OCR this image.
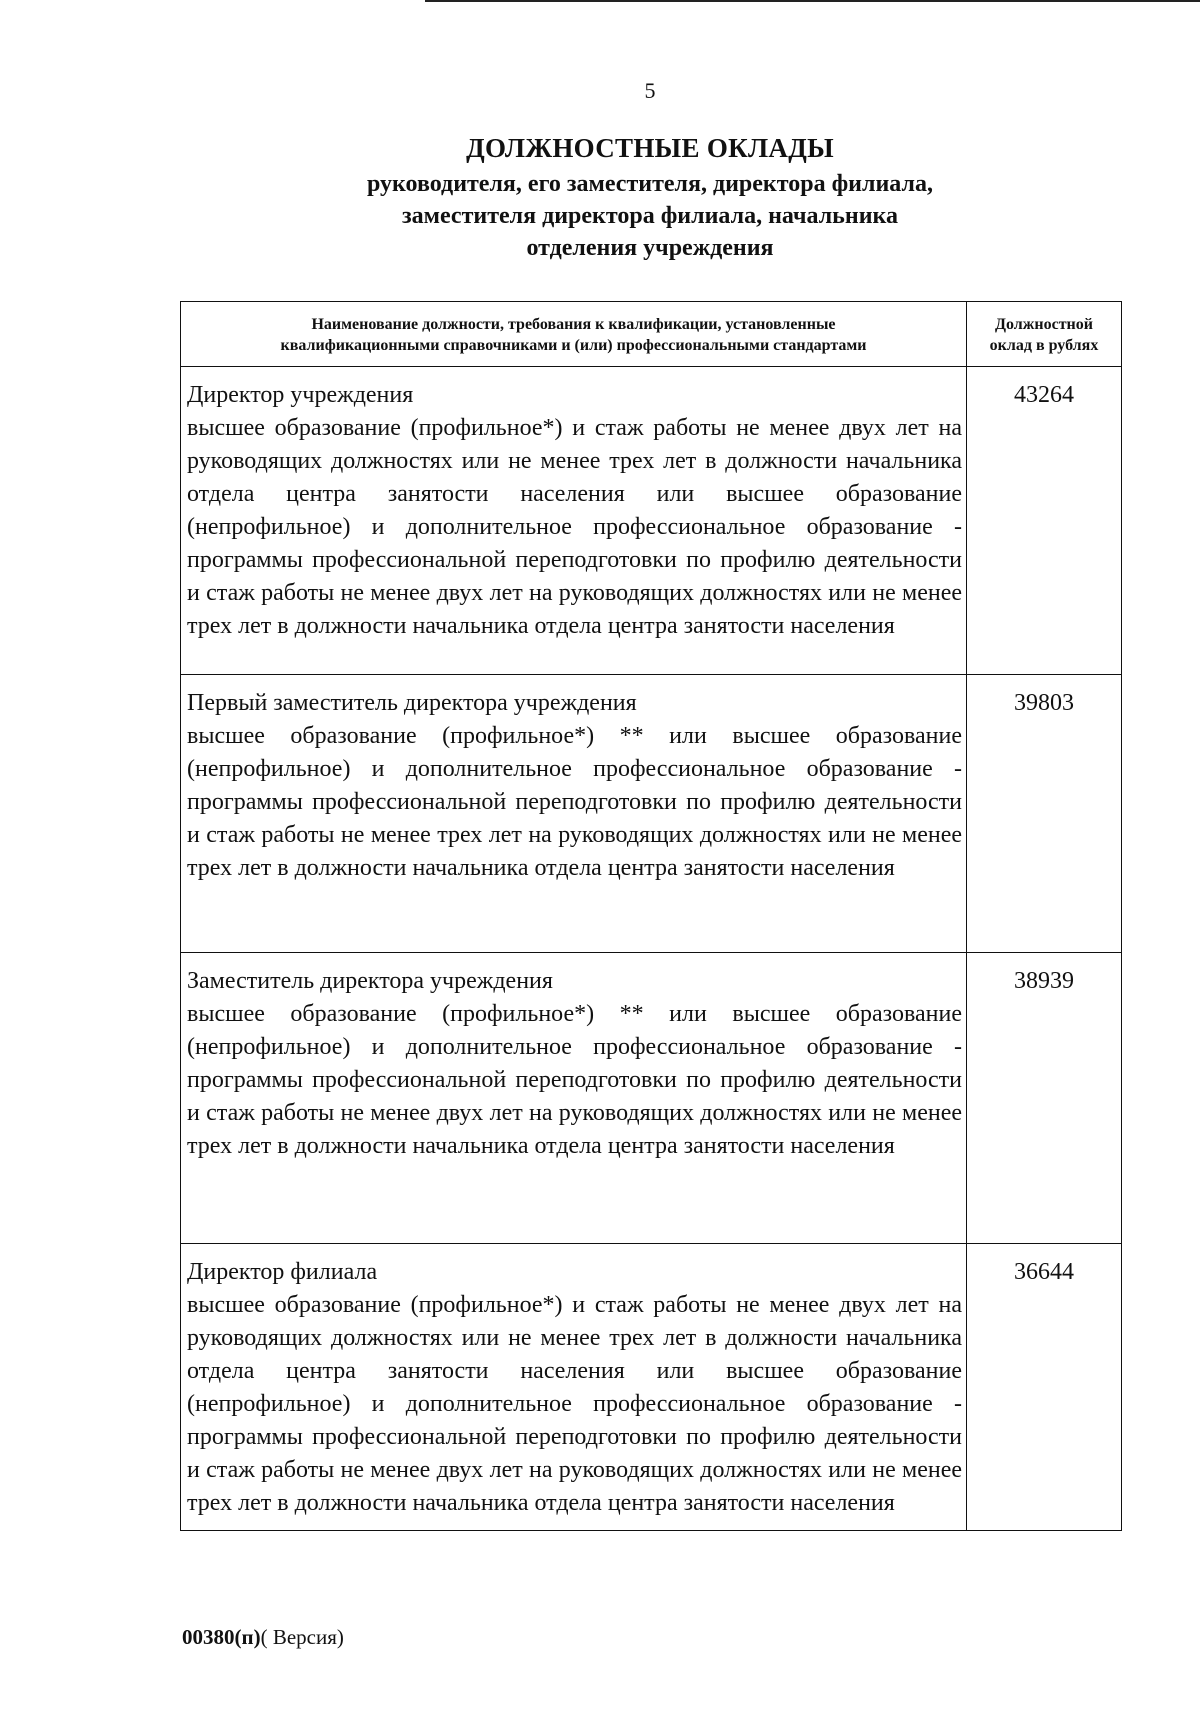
5
ДОЛЖНОСТНЫЕ ОКЛАДЫ
руководителя, его заместителя, директора филиала,
заместителя директора филиала, начальника
отделения учреждения
Наименование должности, требования к квалификации, установленные
квалификационными справочниками и (или) профессиональными стандартами	Должностной
оклад в рублях

Директор учреждения
высшее образование (профильное*) и стаж работы не менее двух лет на руководящих должностях или не менее трех лет в должности начальника отдела центра занятости населения или высшее образование (непрофильное) и дополнительное профессиональное образование - программы профессиональной переподготовки по профилю деятельности и стаж работы не менее двух лет на руководящих должностях или не менее трех лет в должности начальника отдела центра занятости населения	43264

Первый заместитель директора учреждения
высшее образование (профильное*) ** или высшее образование (непрофильное) и дополнительное профессиональное образование - программы профессиональной переподготовки по профилю деятельности и стаж работы не менее трех лет на руководящих должностях или не менее трех лет в должности начальника отдела центра занятости населения	39803

Заместитель директора учреждения
высшее образование (профильное*) ** или высшее образование (непрофильное) и дополнительное профессиональное образование - программы профессиональной переподготовки по профилю деятельности и стаж работы не менее двух лет на руководящих должностях или не менее трех лет в должности начальника отдела центра занятости населения	38939

Директор филиала
высшее образование (профильное*) и стаж работы не менее двух лет на руководящих должностях или не менее трех лет в должности начальника отдела центра занятости населения или высшее образование (непрофильное) и дополнительное профессиональное образование - программы профессиональной переподготовки по профилю деятельности и стаж работы не менее двух лет на руководящих должностях или не менее трех лет в должности начальника отдела центра занятости населения	36644
00380(п)( Версия)
